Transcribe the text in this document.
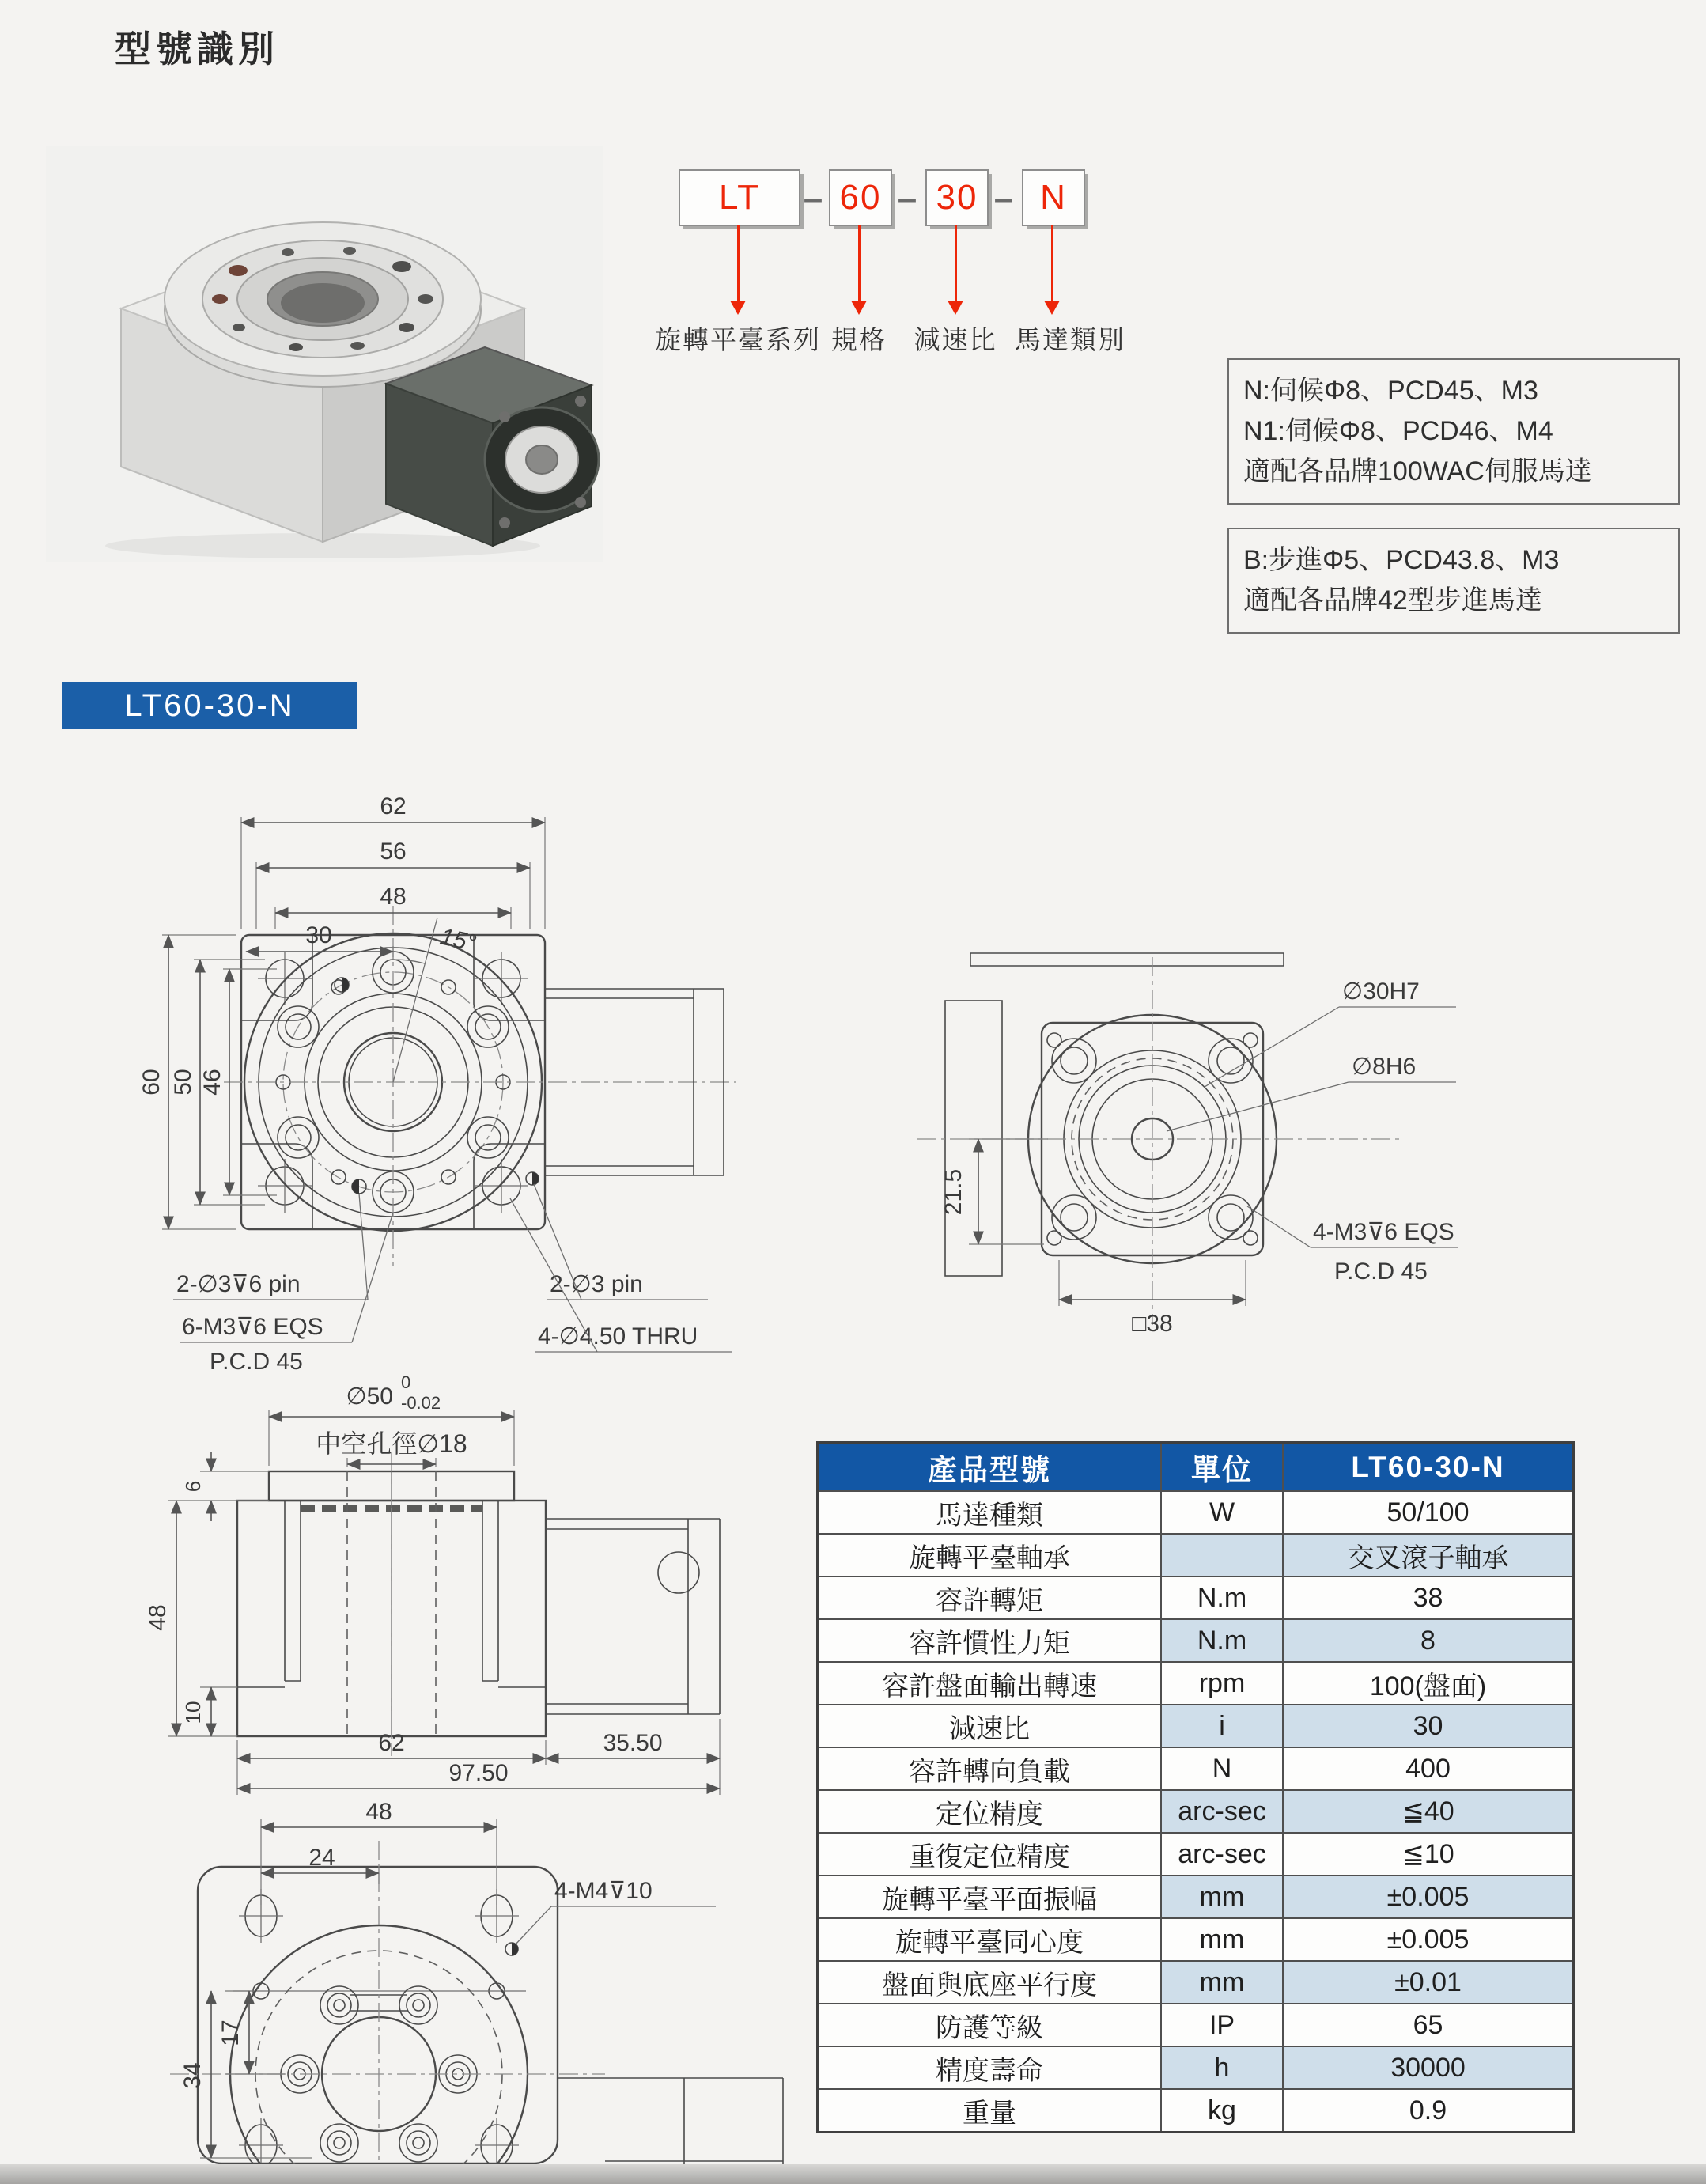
型號識別
LT 60 30 N
– – –
旋轉平臺系列 規格	減速比 馬達類別
N:伺候Φ8、PCD45、M3
N1:伺候Φ8、PCD46、M4
適配各品牌100WAC伺服馬達
B:步進Φ5、PCD43.8、M3
適配各品牌42型步進馬達
LT60-30-N
62
56
48
30	15°
60 50 46
2-∅3⊽6 pin
6-M3⊽6 EQS
P.C.D 45
2-∅3 pin
4-∅4.50 THRU
∅30H7
∅8H6
4-M3⊽6 EQS
P.C.D 45
21.5
□38
∅50
0
-0.02
中空孔徑∅18
6
48
10
62	35.50
97.50
48
24
17
34
4-M4⊽10
產品型號	單位	LT60-30-N
馬達種類	W	50/100
旋轉平臺軸承		交叉滾子軸承
容許轉矩	N.m	38
容許慣性力矩	N.m	8
容許盤面輸出轉速	rpm	100(盤面)
減速比	i	30
容許轉向負載	N	400
定位精度	arc-sec	≦40
重復定位精度	arc-sec	≦10
旋轉平臺平面振幅	mm	±0.005
旋轉平臺同心度	mm	±0.005
盤面與底座平行度	mm	±0.01
防護等級	IP	65
精度壽命	h	30000
重量	kg	0.9
